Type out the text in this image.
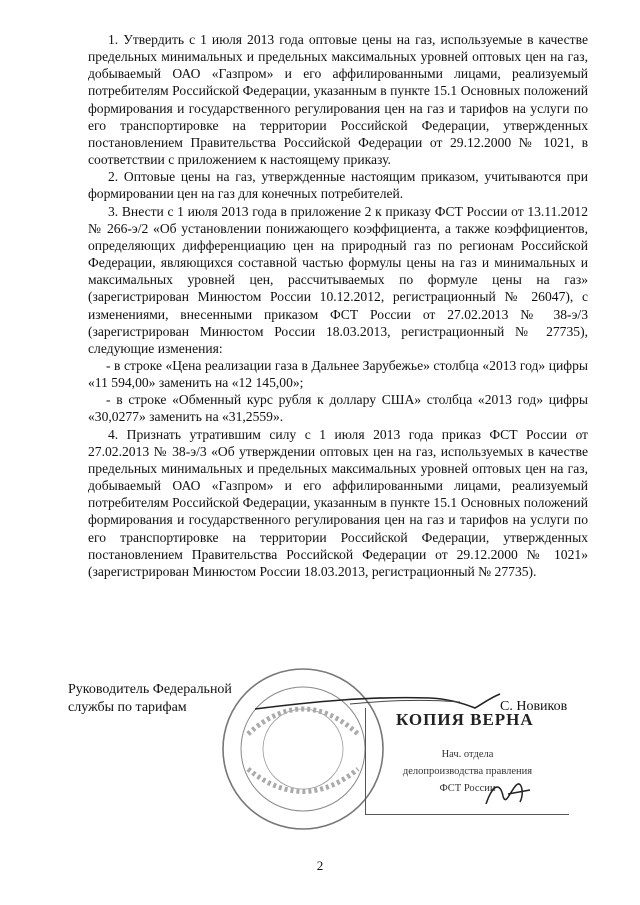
1. Утвердить с 1 июля 2013 года оптовые цены на газ, используемые в качестве предельных минимальных и предельных максимальных уровней оптовых цен на газ, добываемый ОАО «Газпром» и его аффилированными лицами, реализуемый потребителям Российской Федерации, указанным в пункте 15.1 Основных положений формирования и государственного регулирования цен на газ и тарифов на услуги по его транспортировке на территории Российской Федерации, утвержденных постановлением Правительства Российской Федерации от 29.12.2000 № 1021, в соответствии с приложением к настоящему приказу.

2. Оптовые цены на газ, утвержденные настоящим приказом, учитываются при формировании цен на газ для конечных потребителей.

3. Внести с 1 июля 2013 года в приложение 2 к приказу ФСТ России от 13.11.2012 № 266-э/2 «Об установлении понижающего коэффициента, а также коэффициентов, определяющих дифференциацию цен на природный газ по регионам Российской Федерации, являющихся составной частью формулы цены на газ и минимальных и максимальных уровней цен, рассчитываемых по формуле цены на газ» (зарегистрирован Минюстом России 10.12.2012, регистрационный № 26047), с изменениями, внесенными приказом ФСТ России от 27.02.2013 № 38-э/3 (зарегистрирован Минюстом России 18.03.2013, регистрационный № 27735), следующие изменения:

- в строке «Цена реализации газа в Дальнее Зарубежье» столбца «2013 год» цифры «11 594,00» заменить на «12 145,00»;

- в строке «Обменный курс рубля к доллару США» столбца «2013 год» цифры «30,0277» заменить на «31,2559».

4. Признать утратившим силу с 1 июля 2013 года приказ ФСТ России от 27.02.2013 № 38-э/3 «Об утверждении оптовых цен на газ, используемых в качестве предельных минимальных и предельных максимальных уровней оптовых цен на газ, добываемый ОАО «Газпром» и его аффилированными лицами, реализуемый потребителям Российской Федерации, указанным в пункте 15.1 Основных положений формирования и государственного регулирования цен на газ и тарифов на услуги по его транспортировке на территории Российской Федерации, утвержденных постановлением Правительства Российской Федерации от 29.12.2000 № 1021» (зарегистрирован Минюстом России 18.03.2013, регистрационный № 27735).

Руководитель Федеральной
службы по тарифам	С. Новиков
КОПИЯ ВЕРНА
Нач. отдела
делопроизводства правления
ФСТ России
2
